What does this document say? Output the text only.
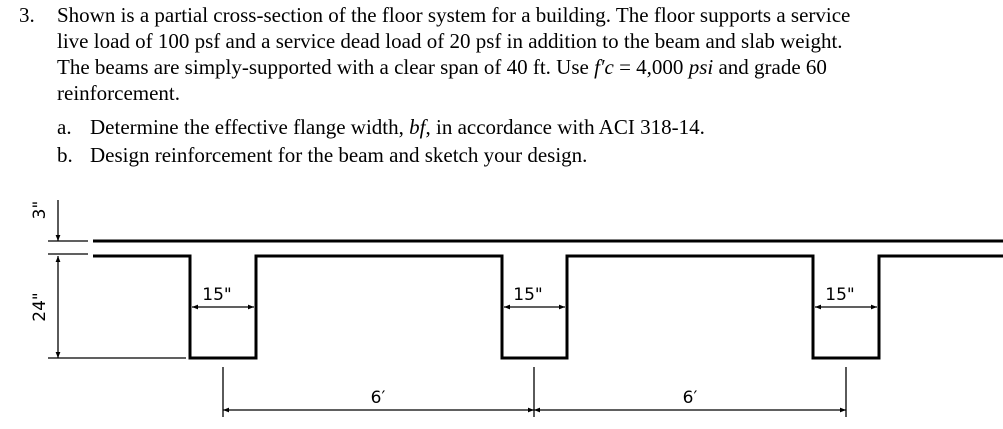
3. Shown is a partial cross-section of the floor system for a building. The floor supports a service
live load of 100 psf and a service dead load of 20 psf in addition to the beam and slab weight.
The beams are simply-supported with a clear span of 40 ft. Use f′c = 4,000 psi and grade 60
reinforcement.
a. Determine the effective flange width, bf, in accordance with ACI 318-14.
b. Design reinforcement for the beam and sketch your design.
3"
24"	15"	15"	15"
6′	6′
